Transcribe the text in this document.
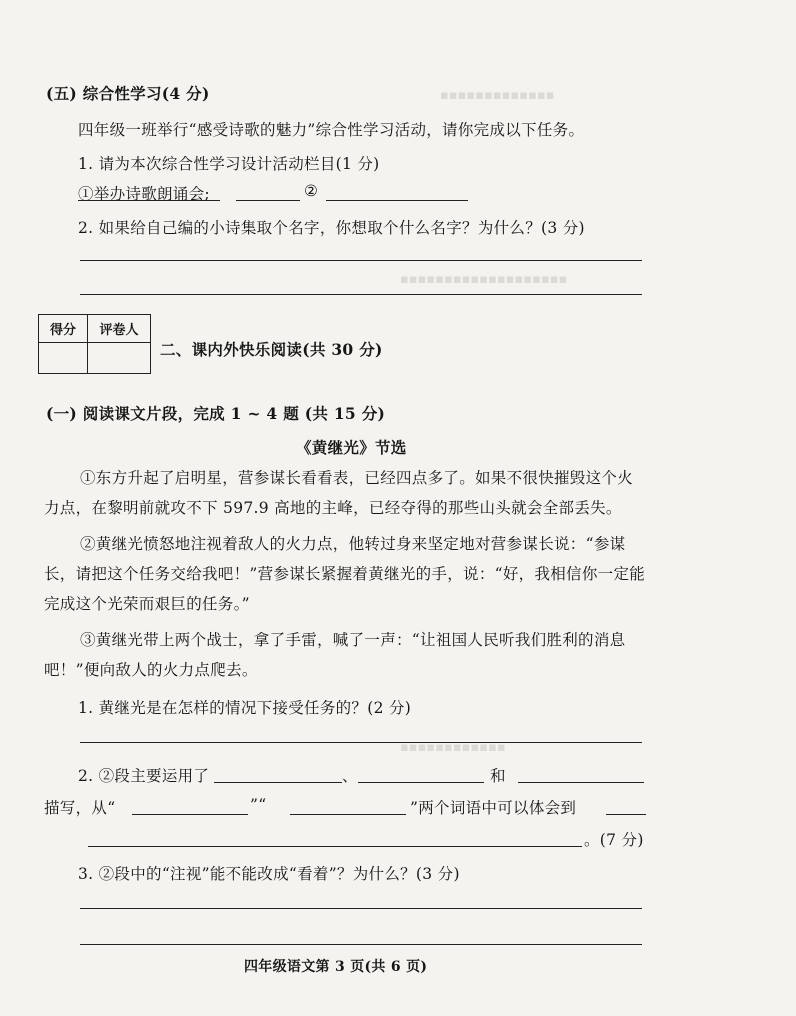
▪▪▪▪▪▪▪▪▪▪▪▪▪
▪▪▪▪▪▪▪▪▪▪▪▪▪▪▪▪▪▪▪
▪▪▪▪▪▪▪▪▪▪▪▪
(五) 综合性学习(4 分)
四年级一班举行“感受诗歌的魅力”综合性学习活动，请你完成以下任务。
1. 请为本次综合性学习设计活动栏目(1 分)
①举办诗歌朗诵会;	②
2. 如果给自己编的小诗集取个名字，你想取个什么名字？为什么？(3 分)
得分	评卷人

二、课内外快乐阅读(共 30 分)
(一) 阅读课文片段，完成 1 ~ 4 题 (共 15 分)
《黄继光》节选
①东方升起了启明星，营参谋长看看表，已经四点多了。如果不很快摧毁这个火
力点，在黎明前就攻不下 597.9 高地的主峰，已经夺得的那些山头就会全部丢失。
②黄继光愤怒地注视着敌人的火力点，他转过身来坚定地对营参谋长说：“参谋
长，请把这个任务交给我吧！”营参谋长紧握着黄继光的手，说：“好，我相信你一定能
完成这个光荣而艰巨的任务。”
③黄继光带上两个战士，拿了手雷，喊了一声：“让祖国人民听我们胜利的消息
吧！”便向敌人的火力点爬去。
1. 黄继光是在怎样的情况下接受任务的？(2 分)
2. ②段主要运用了	、	和
描写，从“	”“	”两个词语中可以体会到
。(7 分)
3. ②段中的“注视”能不能改成“看着”？为什么？(3 分)
四年级语文第 3 页(共 6 页)
